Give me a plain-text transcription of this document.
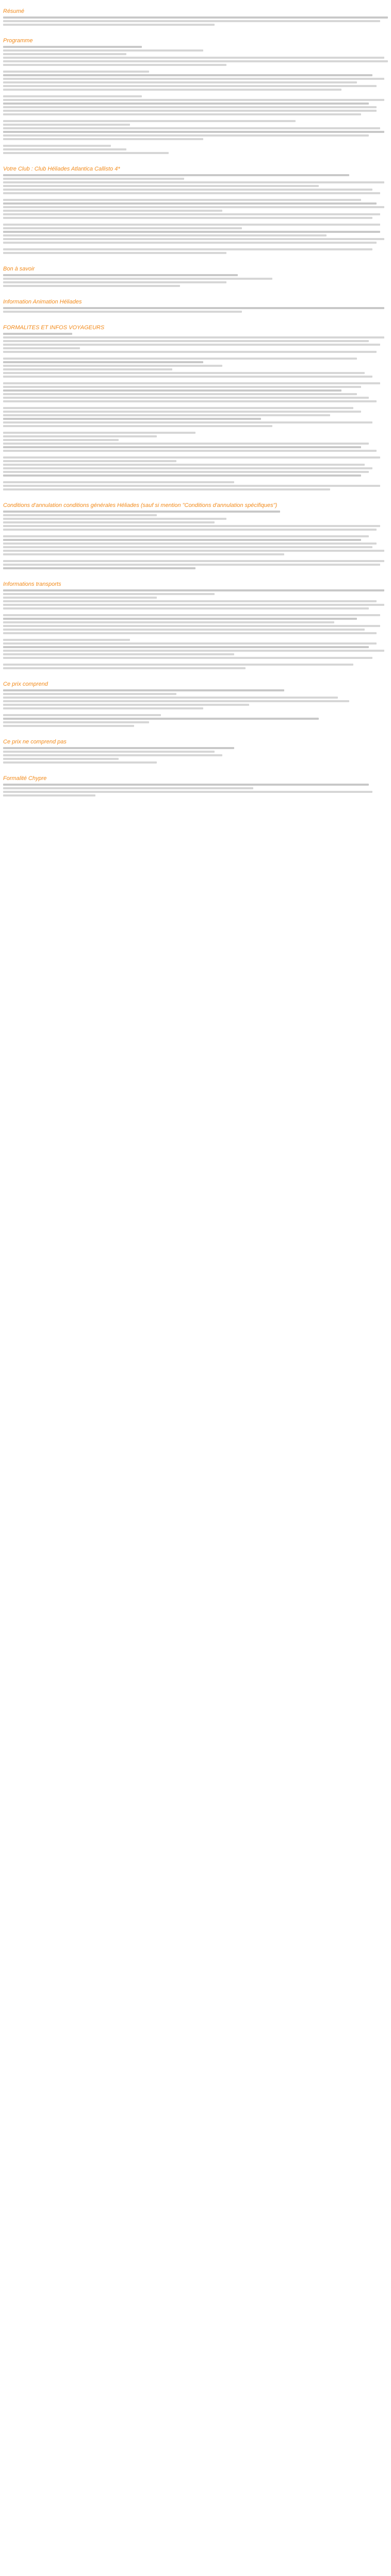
Résumé
Programme
Votre Club : Club Héliades Atlantica Callisto 4*
Bon à savoir
Information Animation Héliades
FORMALITES ET INFOS VOYAGEURS
Conditions d'annulation conditions générales Héliades (sauf si mention "Conditions d'annulation spécifiques")
Informations transports
Ce prix comprend
Ce prix ne comprend pas
Formalité Chypre
